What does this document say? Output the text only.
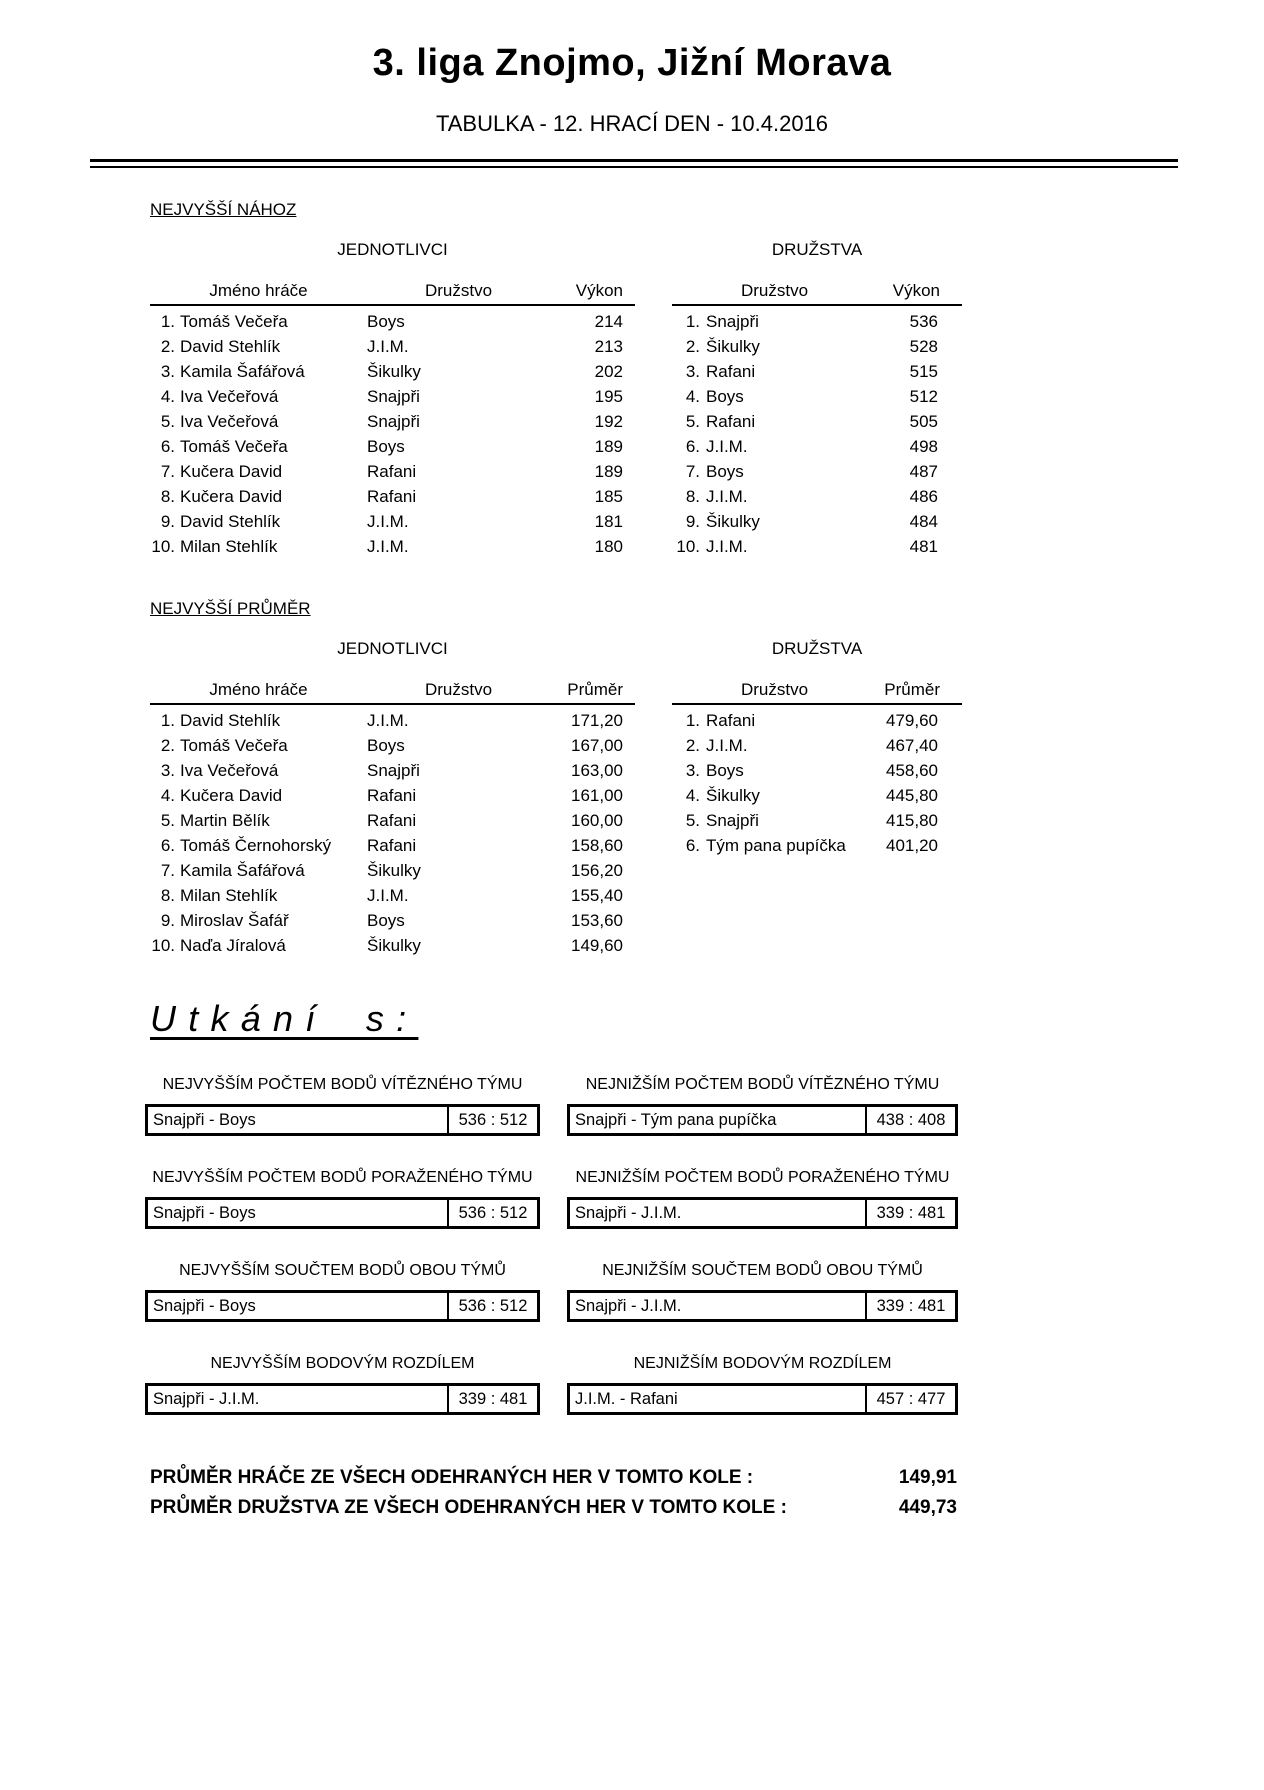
3. liga Znojmo, Jižní Morava
TABULKA - 12. HRACÍ DEN - 10.4.2016
NEJVYŠŠÍ NÁHOZ
JEDNOTLIVCI
Jméno hráče	Družstvo	Výkon
1. Tomáš Večeřa	Boys	214
2. David Stehlík	J.I.M.	213
3. Kamila Šafářová	Šikulky	202
4. Iva Večeřová	Snajpři	195
5. Iva Večeřová	Snajpři	192
6. Tomáš Večeřa	Boys	189
7. Kučera David	Rafani	189
8. Kučera David	Rafani	185
9. David Stehlík	J.I.M.	181
10. Milan Stehlík	J.I.M.	180
DRUŽSTVA
Družstvo	Výkon
1. Snajpři	536
2. Šikulky	528
3. Rafani	515
4. Boys	512
5. Rafani	505
6. J.I.M.	498
7. Boys	487
8. J.I.M.	486
9. Šikulky	484
10. J.I.M.	481
NEJVYŠŠÍ PRŮMĚR
JEDNOTLIVCI
Jméno hráče	Družstvo	Průměr
1. David Stehlík	J.I.M.	171,20
2. Tomáš Večeřa	Boys	167,00
3. Iva Večeřová	Snajpři	163,00
4. Kučera David	Rafani	161,00
5. Martin Bělík	Rafani	160,00
6. Tomáš Černohorský	Rafani	158,60
7. Kamila Šafářová	Šikulky	156,20
8. Milan Stehlík	J.I.M.	155,40
9. Miroslav Šafář	Boys	153,60
10. Naďa Jíralová	Šikulky	149,60
DRUŽSTVA
Družstvo	Průměr
1. Rafani	479,60
2. J.I.M.	467,40
3. Boys	458,60
4. Šikulky	445,80
5. Snajpři	415,80
6. Tým pana pupíčka	401,20
Utkání s:
NEJVYŠŠÍM POČTEM BODŮ VÍTĚZNÉHO TÝMU
Snajpři - Boys	536 : 512
NEJNIŽŠÍM POČTEM BODŮ VÍTĚZNÉHO TÝMU
Snajpři - Tým pana pupíčka	438 : 408
NEJVYŠŠÍM POČTEM BODŮ PORAŽENÉHO TÝMU
Snajpři - Boys	536 : 512
NEJNIŽŠÍM POČTEM BODŮ PORAŽENÉHO TÝMU
Snajpři - J.I.M.	339 : 481
NEJVYŠŠÍM SOUČTEM BODŮ OBOU TÝMŮ
Snajpři - Boys	536 : 512
NEJNIŽŠÍM SOUČTEM BODŮ OBOU TÝMŮ
Snajpři - J.I.M.	339 : 481
NEJVYŠŠÍM BODOVÝM ROZDÍLEM
Snajpři - J.I.M.	339 : 481
NEJNIŽŠÍM BODOVÝM ROZDÍLEM
J.I.M. - Rafani	457 : 477
PRŮMĚR HRÁČE ZE VŠECH ODEHRANÝCH HER V TOMTO KOLE :	149,91
PRŮMĚR DRUŽSTVA ZE VŠECH ODEHRANÝCH HER V TOMTO KOLE :	449,73
